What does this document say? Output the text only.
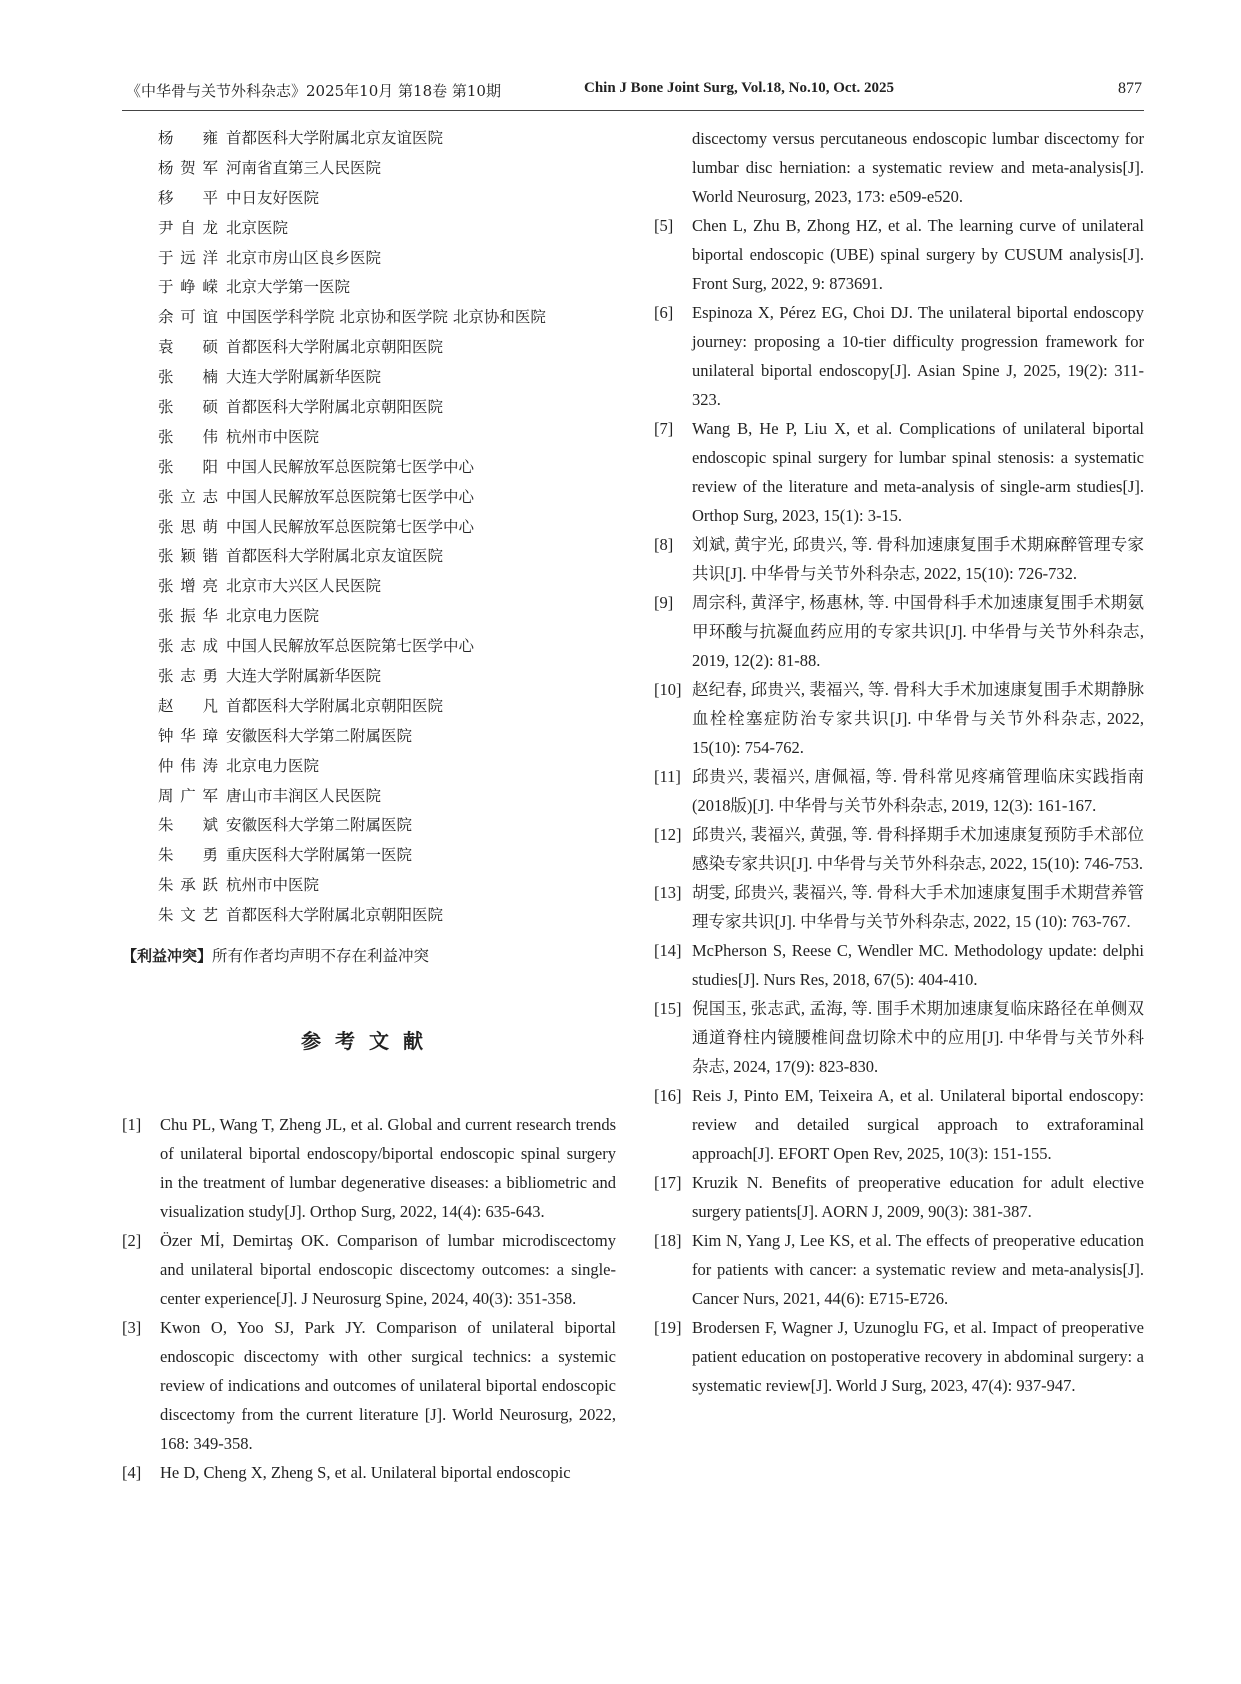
《中华骨与关节外科杂志》2025年10月 第18卷 第10期	Chin J Bone Joint Surg, Vol.18, No.10, Oct. 2025	877
杨　雍 首都医科大学附属北京友谊医院
杨贺军 河南省直第三人民医院
移　平 中日友好医院
尹自龙 北京医院
于远洋 北京市房山区良乡医院
于峥嵘 北京大学第一医院
余可谊 中国医学科学院 北京协和医学院 北京协和医院
袁　硕 首都医科大学附属北京朝阳医院
张　楠 大连大学附属新华医院
张　硕 首都医科大学附属北京朝阳医院
张　伟 杭州市中医院
张　阳 中国人民解放军总医院第七医学中心
张立志 中国人民解放军总医院第七医学中心
张思萌 中国人民解放军总医院第七医学中心
张颖锴 首都医科大学附属北京友谊医院
张增亮 北京市大兴区人民医院
张振华 北京电力医院
张志成 中国人民解放军总医院第七医学中心
张志勇 大连大学附属新华医院
赵　凡 首都医科大学附属北京朝阳医院
钟华璋 安徽医科大学第二附属医院
仲伟涛 北京电力医院
周广军 唐山市丰润区人民医院
朱　斌 安徽医科大学第二附属医院
朱　勇 重庆医科大学附属第一医院
朱承跃 杭州市中医院
朱文艺 首都医科大学附属北京朝阳医院
【利益冲突】所有作者均声明不存在利益冲突
参考文献
[1] Chu PL, Wang T, Zheng JL, et al. Global and current research trends of unilateral biportal endoscopy/biportal endoscopic spinal surgery in the treatment of lumbar degenerative diseases: a bibliometric and visualization study[J]. Orthop Surg, 2022, 14(4): 635-643.
[2] Özer Mİ, Demirtaş OK. Comparison of lumbar microdiscectomy and unilateral biportal endoscopic discectomy outcomes: a single-center experience[J]. J Neurosurg Spine, 2024, 40(3): 351-358.
[3] Kwon O, Yoo SJ, Park JY. Comparison of unilateral biportal endoscopic discectomy with other surgical technics: a systemic review of indications and outcomes of unilateral biportal endoscopic discectomy from the current literature [J]. World Neurosurg, 2022, 168: 349-358.
[4] He D, Cheng X, Zheng S, et al. Unilateral biportal endoscopic
discectomy versus percutaneous endoscopic lumbar discectomy for lumbar disc herniation: a systematic review and meta-analysis[J]. World Neurosurg, 2023, 173: e509-e520.
[5] Chen L, Zhu B, Zhong HZ, et al. The learning curve of unilateral biportal endoscopic (UBE) spinal surgery by CUSUM analysis[J]. Front Surg, 2022, 9: 873691.
[6] Espinoza X, Pérez EG, Choi DJ. The unilateral biportal endoscopy journey: proposing a 10-tier difficulty progression framework for unilateral biportal endoscopy[J]. Asian Spine J, 2025, 19(2): 311-323.
[7] Wang B, He P, Liu X, et al. Complications of unilateral biportal endoscopic spinal surgery for lumbar spinal stenosis: a systematic review of the literature and meta-analysis of single-arm studies[J]. Orthop Surg, 2023, 15(1): 3-15.
[8] 刘斌, 黄宇光, 邱贵兴, 等. 骨科加速康复围手术期麻醉管理专家共识[J]. 中华骨与关节外科杂志, 2022, 15(10): 726-732.
[9] 周宗科, 黄泽宇, 杨惠林, 等. 中国骨科手术加速康复围手术期氨甲环酸与抗凝血药应用的专家共识[J]. 中华骨与关节外科杂志, 2019, 12(2): 81-88.
[10] 赵纪春, 邱贵兴, 裴福兴, 等. 骨科大手术加速康复围手术期静脉血栓栓塞症防治专家共识[J]. 中华骨与关节外科杂志, 2022, 15(10): 754-762.
[11] 邱贵兴, 裴福兴, 唐佩福, 等. 骨科常见疼痛管理临床实践指南(2018版)[J]. 中华骨与关节外科杂志, 2019, 12(3): 161-167.
[12] 邱贵兴, 裴福兴, 黄强, 等. 骨科择期手术加速康复预防手术部位感染专家共识[J]. 中华骨与关节外科杂志, 2022, 15(10): 746-753.
[13] 胡雯, 邱贵兴, 裴福兴, 等. 骨科大手术加速康复围手术期营养管理专家共识[J]. 中华骨与关节外科杂志, 2022, 15 (10): 763-767.
[14] McPherson S, Reese C, Wendler MC. Methodology update: delphi studies[J]. Nurs Res, 2018, 67(5): 404-410.
[15] 倪国玉, 张志武, 孟海, 等. 围手术期加速康复临床路径在单侧双通道脊柱内镜腰椎间盘切除术中的应用[J]. 中华骨与关节外科杂志, 2024, 17(9): 823-830.
[16] Reis J, Pinto EM, Teixeira A, et al. Unilateral biportal endoscopy: review and detailed surgical approach to extraforaminal approach[J]. EFORT Open Rev, 2025, 10(3): 151-155.
[17] Kruzik N. Benefits of preoperative education for adult elective surgery patients[J]. AORN J, 2009, 90(3): 381-387.
[18] Kim N, Yang J, Lee KS, et al. The effects of preoperative education for patients with cancer: a systematic review and meta-analysis[J]. Cancer Nurs, 2021, 44(6): E715-E726.
[19] Brodersen F, Wagner J, Uzunoglu FG, et al. Impact of preoperative patient education on postoperative recovery in abdominal surgery: a systematic review[J]. World J Surg, 2023, 47(4): 937-947.
